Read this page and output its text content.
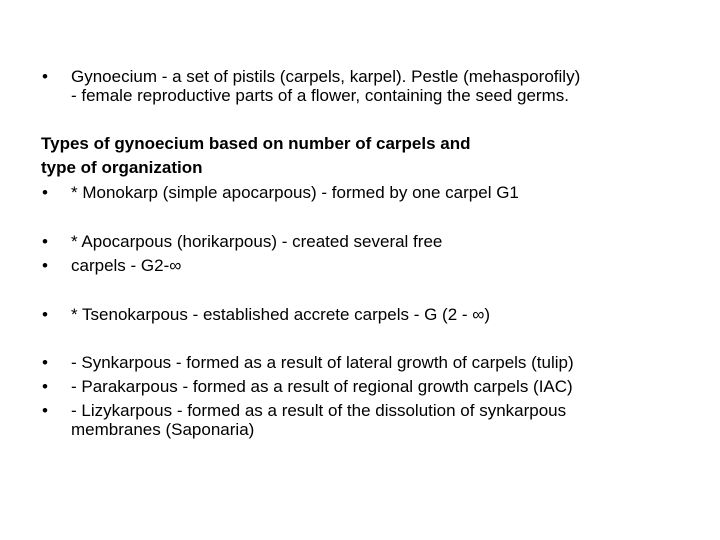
• Gynoecium - a set of pistils (carpels, karpel). Pestle (mehasporofily)
- female reproductive parts of a flower, containing the seed germs.
Types of gynoecium based on number of carpels and
type of organization
• * Monokarp (simple apocarpous) - formed by one carpel G1
• * Apocarpous (horikarpous) - created several free
• carpels - G2-∞
• * Tsenokarpous - established accrete carpels - G (2 - ∞)
• - Synkarpous - formed as a result of lateral growth of carpels (tulip)
• - Parakarpous - formed as a result of regional growth carpels (IAC)
• - Lizykarpous - formed as a result of the dissolution of synkarpous
membranes (Saponaria)
